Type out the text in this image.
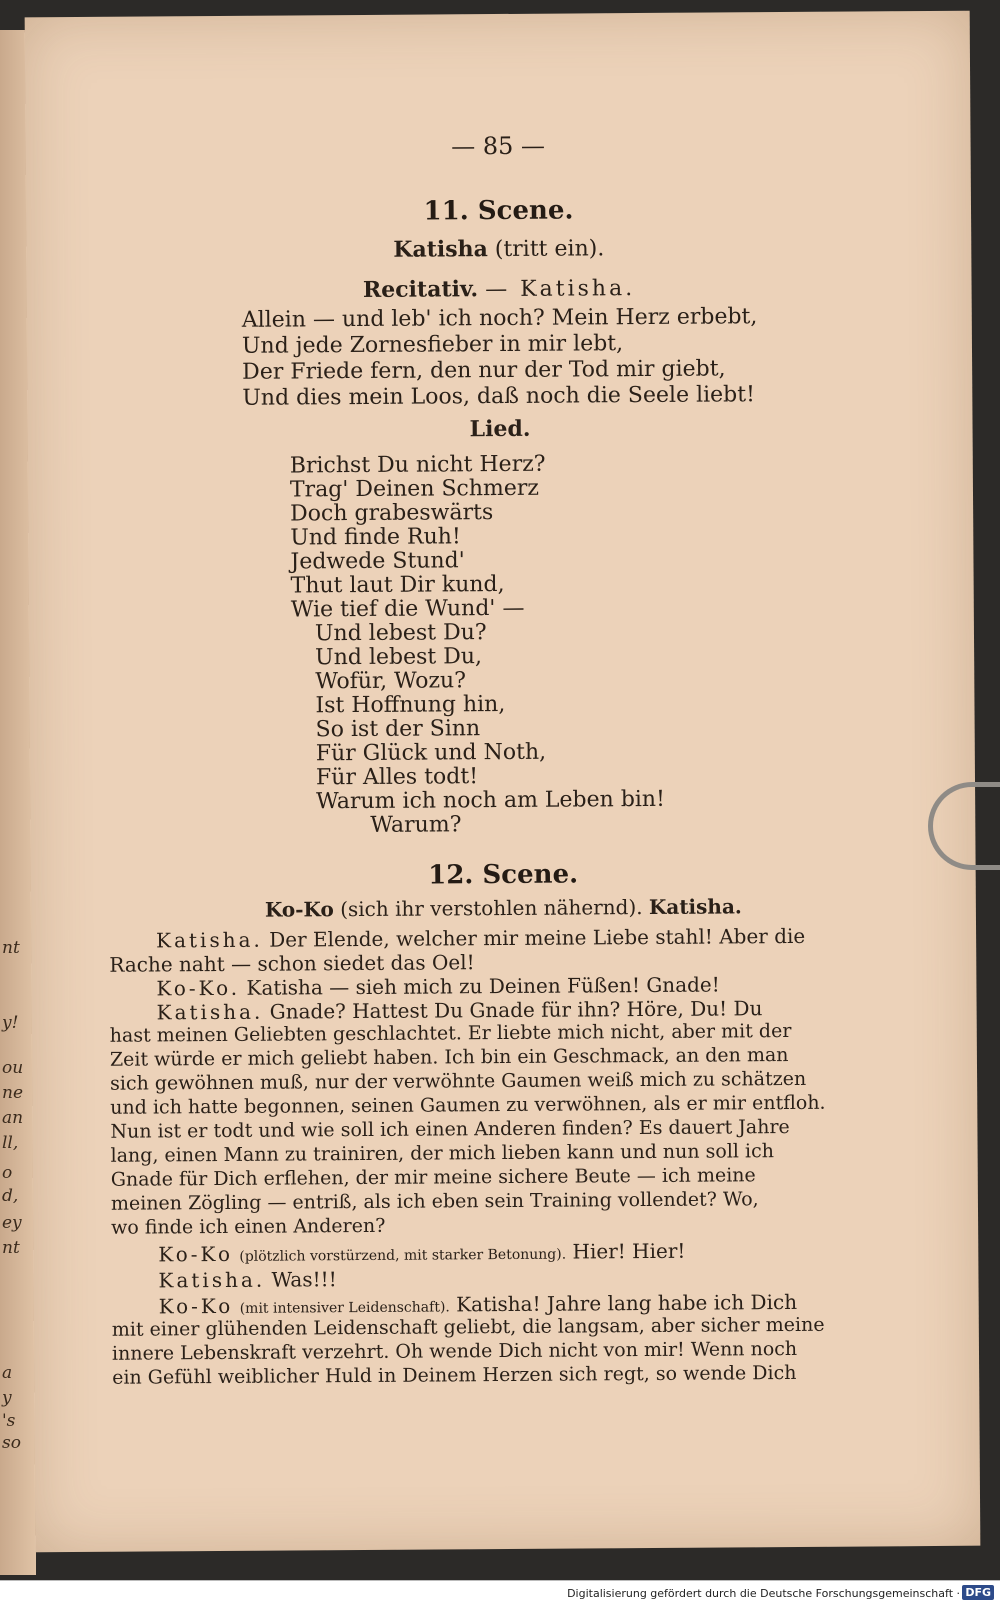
nt
y!
ou
ne
an
ll,
o
d,
ey
nt
a
y
's
so
— 85 —
11. Scene.
Katisha (tritt ein).
Recitativ. — Katisha.
Allein — und leb' ich noch? Mein Herz erbebt,
Und jede Zornesfieber in mir lebt,
Der Friede fern, den nur der Tod mir giebt,
Und dies mein Loos, daß noch die Seele liebt!
Lied.
Brichst Du nicht Herz?
Trag' Deinen Schmerz
Doch grabeswärts
Und finde Ruh!
Jedwede Stund'
Thut laut Dir kund,
Wie tief die Wund' —
Und lebest Du?
Und lebest Du,
Wofür, Wozu?
Ist Hoffnung hin,
So ist der Sinn
Für Glück und Noth,
Für Alles todt!
Warum ich noch am Leben bin!
Warum?
12. Scene.
Ko-Ko (sich ihr verstohlen nähernd). Katisha.
Katisha. Der Elende, welcher mir meine Liebe stahl! Aber die
Rache naht — schon siedet das Oel!
Ko-Ko. Katisha — sieh mich zu Deinen Füßen! Gnade!
Katisha. Gnade? Hattest Du Gnade für ihn? Höre, Du! Du
hast meinen Geliebten geschlachtet. Er liebte mich nicht, aber mit der
Zeit würde er mich geliebt haben. Ich bin ein Geschmack, an den man
sich gewöhnen muß, nur der verwöhnte Gaumen weiß mich zu schätzen
und ich hatte begonnen, seinen Gaumen zu verwöhnen, als er mir entfloh.
Nun ist er todt und wie soll ich einen Anderen finden? Es dauert Jahre
lang, einen Mann zu trainiren, der mich lieben kann und nun soll ich
Gnade für Dich erflehen, der mir meine sichere Beute — ich meine
meinen Zögling — entriß, als ich eben sein Training vollendet? Wo,
wo finde ich einen Anderen?
Ko-Ko (plötzlich vorstürzend, mit starker Betonung). Hier! Hier!
Katisha. Was!!!
Ko-Ko (mit intensiver Leidenschaft). Katisha! Jahre lang habe ich Dich
mit einer glühenden Leidenschaft geliebt, die langsam, aber sicher meine
innere Lebenskraft verzehrt. Oh wende Dich nicht von mir! Wenn noch
ein Gefühl weiblicher Huld in Deinem Herzen sich regt, so wende Dich
Digitalisierung gefördert durch die Deutsche Forschungsgemeinschaft · DFG
